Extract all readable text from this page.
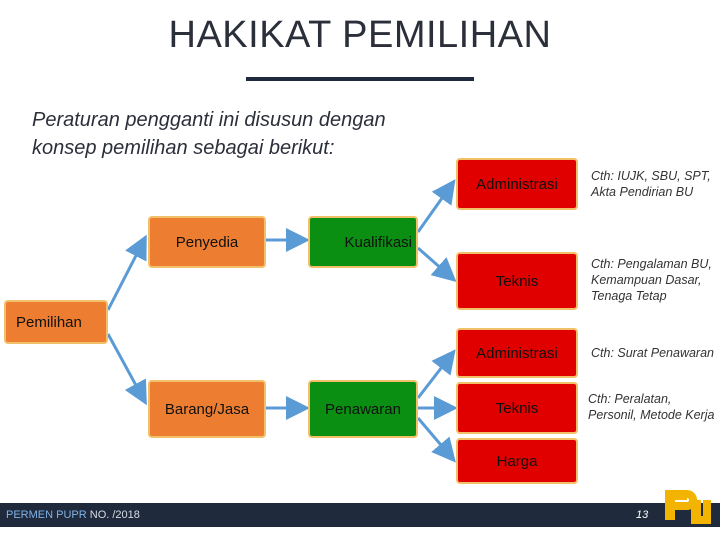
HAKIKAT PEMILIHAN
Peraturan pengganti ini disusun dengan
konsep pemilihan sebagai berikut:
Pemilihan
Penyedia
Barang/Jasa
Kualifikasi
Penawaran
Administrasi
Teknis
Administrasi
Teknis
Harga
Cth: IUJK, SBU, SPT,
Akta Pendirian BU
Cth: Pengalaman BU,
Kemampuan Dasar,
Tenaga Tetap
Cth: Surat Penawaran
Cth: Peralatan,
Personil, Metode Kerja
PERMEN PUPR NO. /2018	13
